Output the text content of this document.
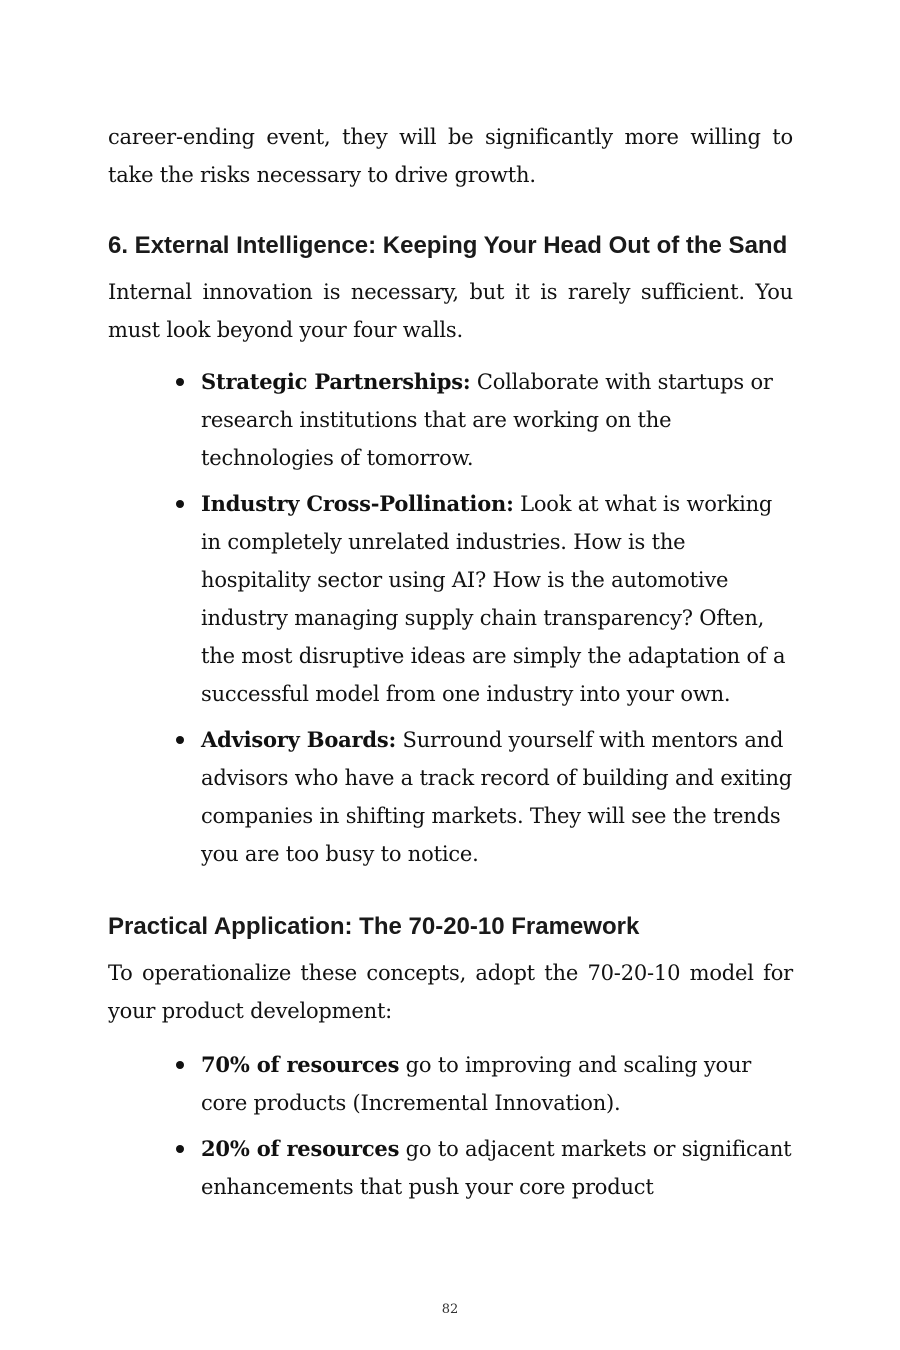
career-ending event, they will be significantly more willing to take the risks necessary to drive growth.

6. External Intelligence: Keeping Your Head Out of the Sand

Internal innovation is necessary, but it is rarely sufficient. You must look beyond your four walls.

Strategic Partnerships: Collaborate with startups or research institutions that are working on the technologies of tomorrow.
Industry Cross-Pollination: Look at what is working in completely unrelated industries. How is the hospitality sector using AI? How is the automotive industry managing supply chain transparency? Often, the most disruptive ideas are simply the adaptation of a successful model from one industry into your own.
Advisory Boards: Surround yourself with mentors and advisors who have a track record of building and exiting companies in shifting markets. They will see the trends you are too busy to notice.
Practical Application: The 70-20-10 Framework

To operationalize these concepts, adopt the 70-20-10 model for your product development:

70% of resources go to improving and scaling your core products (Incremental Innovation).
20% of resources go to adjacent markets or significant enhancements that push your core product
82
